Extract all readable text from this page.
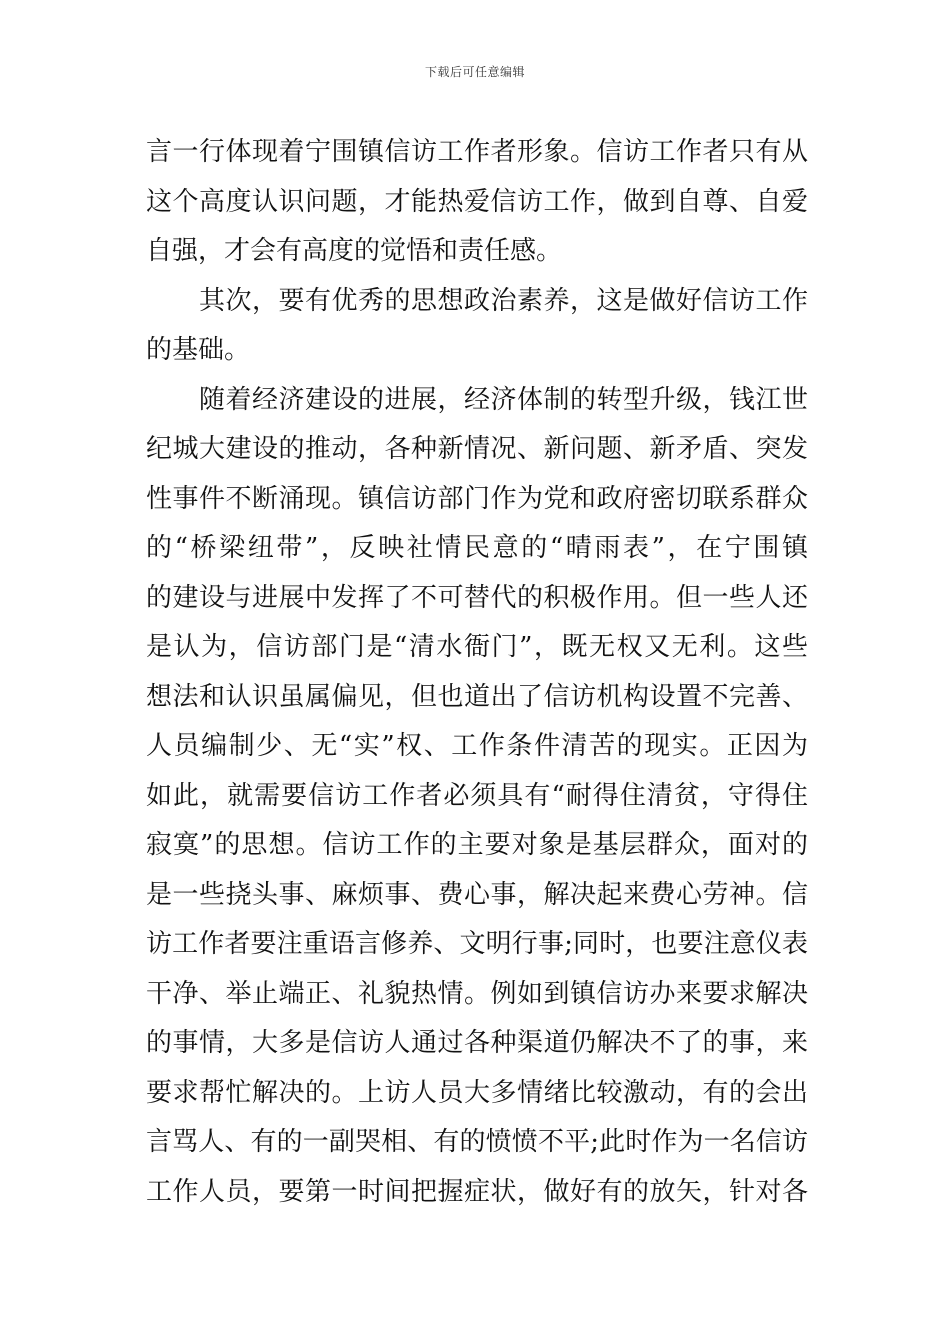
下载后可任意编辑
言一行体现着宁围镇信访工作者形象。信访工作者只有从
这个高度认识问题，才能热爱信访工作，做到自尊、自爱
自强，才会有高度的觉悟和责任感。
　　其次，要有优秀的思想政治素养，这是做好信访工作
的基础。
　　随着经济建设的进展，经济体制的转型升级，钱江世
纪城大建设的推动，各种新情况、新问题、新矛盾、突发
性事件不断涌现。镇信访部门作为党和政府密切联系群众
的“桥梁纽带”，反映社情民意的“晴雨表”，在宁围镇
的建设与进展中发挥了不可替代的积极作用。但一些人还
是认为，信访部门是“清水衙门”，既无权又无利。这些
想法和认识虽属偏见，但也道出了信访机构设置不完善、
人员编制少、无“实”权、工作条件清苦的现实。正因为
如此，就需要信访工作者必须具有“耐得住清贫，守得住
寂寞”的思想。信访工作的主要对象是基层群众，面对的
是一些挠头事、麻烦事、费心事，解决起来费心劳神。信
访工作者要注重语言修养、文明行事;同时，也要注意仪表
干净、举止端正、礼貌热情。例如到镇信访办来要求解决
的事情，大多是信访人通过各种渠道仍解决不了的事，来
要求帮忙解决的。上访人员大多情绪比较激动，有的会出
言骂人、有的一副哭相、有的愤愤不平;此时作为一名信访
工作人员，要第一时间把握症状，做好有的放矢，针对各
